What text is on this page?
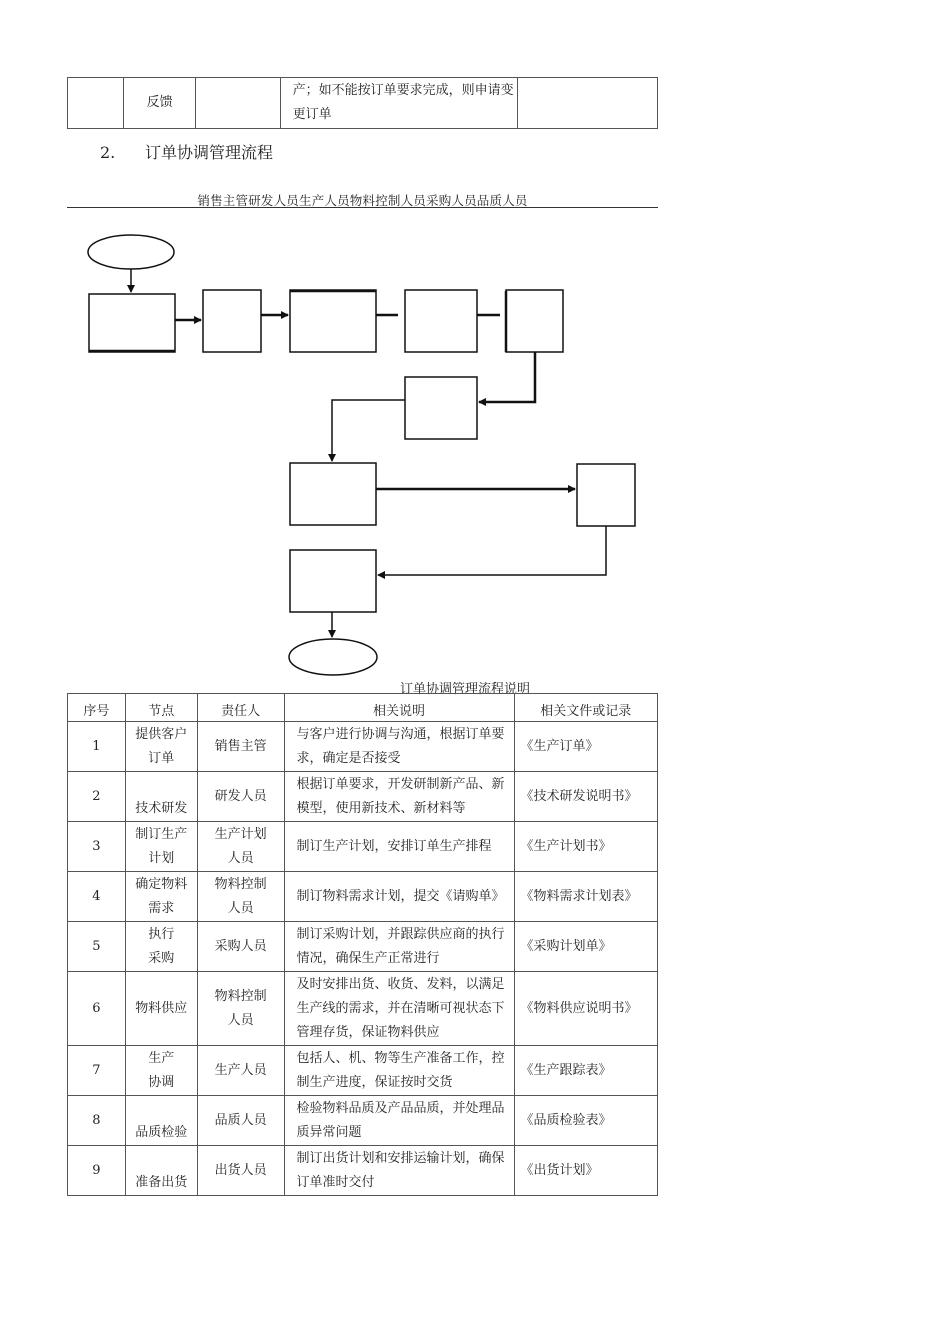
	反馈		产；如不能按订单要求完成，则申请变更订单	
2. 订单协调管理流程
销售主管研发人员生产人员物料控制人员采购人员品质人员
订单协调管理流程说明
序号	节点	责任人	相关说明	相关文件或记录
1	提供客户订单	销售主管	与客户进行协调与沟通，根据订单要求，确定是否接受	《生产订单》
2	技术研发	研发人员	根据订单要求，开发研制新产品、新模型，使用新技术、新材料等	《技术研发说明书》
3	制订生产计划	生产计划人员	制订生产计划，安排订单生产排程	《生产计划书》
4	确定物料需求	物料控制人员	制订物料需求计划，提交《请购单》	《物料需求计划表》
5	执行采购	采购人员	制订采购计划，并跟踪供应商的执行情况，确保生产正常进行	《采购计划单》
6	物料供应	物料控制人员	及时安排出货、收货、发料，以满足生产线的需求，并在清晰可视状态下管理存货，保证物料供应	《物料供应说明书》
7	生产协调	生产人员	包括人、机、物等生产准备工作，控制生产进度，保证按时交货	《生产跟踪表》
8	品质检验	品质人员	检验物料品质及产品品质，并处理品质异常问题	《品质检验表》
9	准备出货	出货人员	制订出货计划和安排运输计划，确保订单准时交付	《出货计划》
